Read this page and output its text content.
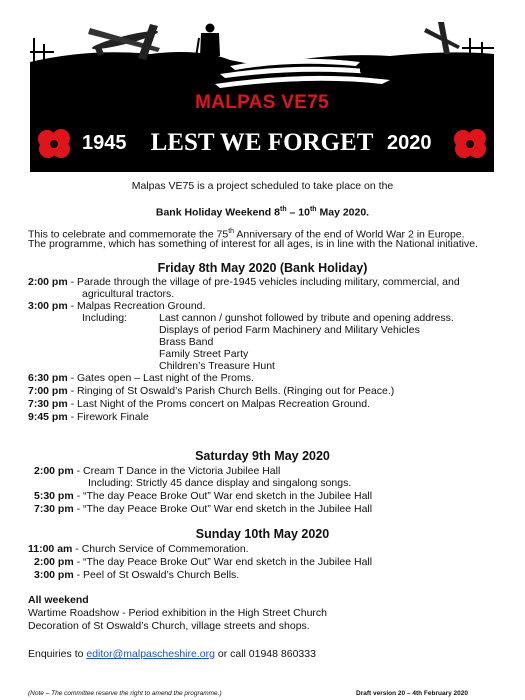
MALPAS VE75
1945 LEST WE FORGET 2020
Malpas VE75 is a project scheduled to take place on the
Bank Holiday Weekend 8th – 10th May 2020.
This to celebrate and commemorate the 75th Anniversary of the end of World War 2 in Europe.
The programme, which has something of interest for all ages, is in line with the National initiative.
Friday 8th May 2020 (Bank Holiday)
2:00 pm - Parade through the village of pre-1945 vehicles including military, commercial, and
agricultural tractors.
3:00 pm - Malpas Recreation Ground.
Including:	Last cannon / gunshot followed by tribute and opening address.
Displays of period Farm Machinery and Military Vehicles
Brass Band
Family Street Party
Children’s Treasure Hunt
6:30 pm - Gates open – Last night of the Proms.
7:00 pm - Ringing of St Oswald’s Parish Church Bells. (Ringing out for Peace.)
7:30 pm - Last Night of the Proms concert on Malpas Recreation Ground.
9:45 pm - Firework Finale
Saturday 9th May 2020
2:00 pm - Cream T Dance in the Victoria Jubilee Hall
Including: Strictly 45 dance display and singalong songs.
5:30 pm - “The day Peace Broke Out” War end sketch in the Jubilee Hall
7:30 pm - “The day Peace Broke Out” War end sketch in the Jubilee Hall
Sunday 10th May 2020
11:00 am - Church Service of Commemoration.
2:00 pm - “The day Peace Broke Out” War end sketch in the Jubilee Hall
3:00 pm - Peel of St Oswald’s Church Bells.
All weekend
Wartime Roadshow - Period exhibition in the High Street Church
Decoration of St Oswald’s Church, village streets and shops.
Enquiries to editor@malpascheshire.org or call 01948 860333
(Note – The committee reserve the right to amend the programme.)	Draft version 20 – 4th February 2020
